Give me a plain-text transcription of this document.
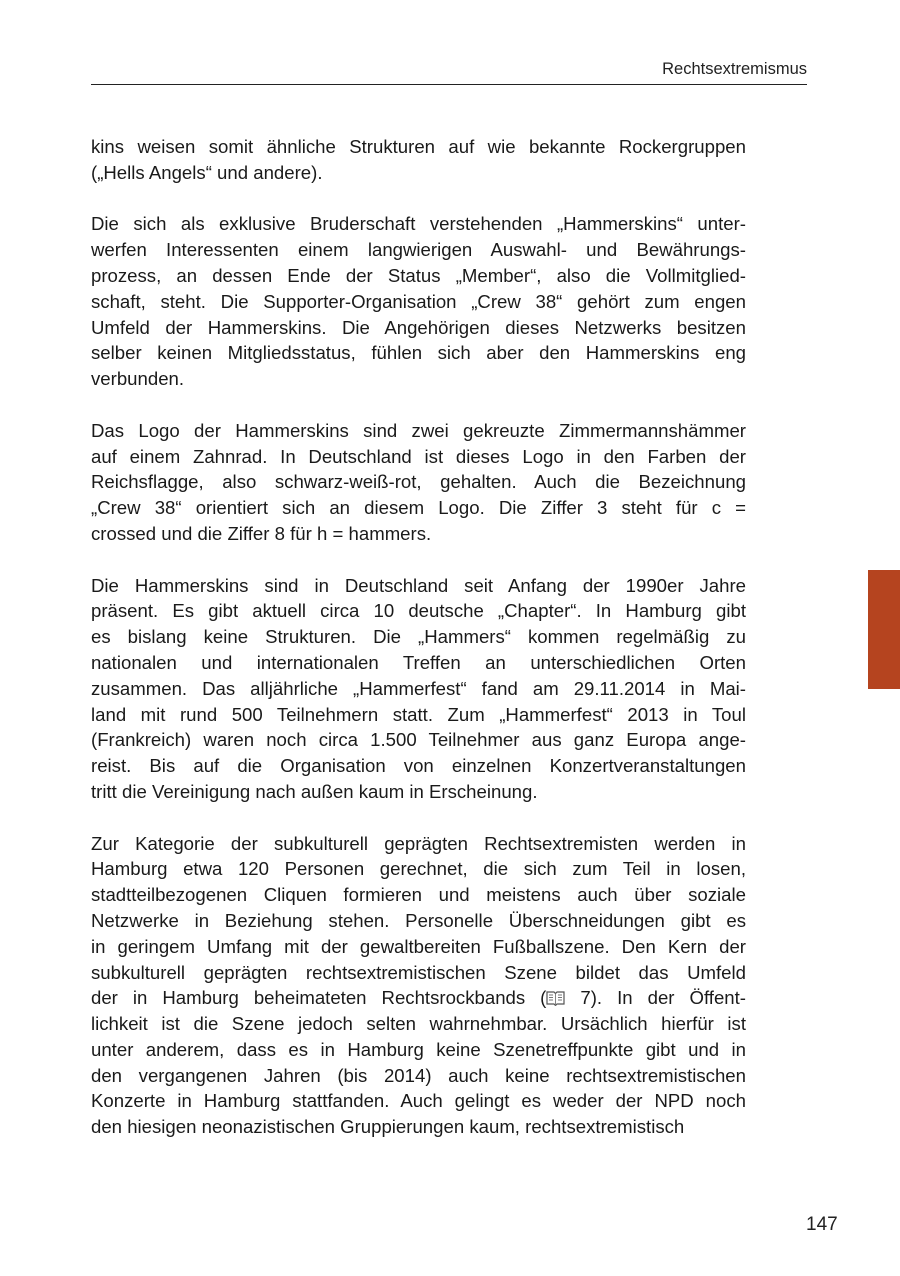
Rechtsextremismus
kins weisen somit ähnliche Strukturen auf wie bekannte Rockergruppen
(„Hells Angels“ und andere).
Die sich als exklusive Bruderschaft verstehenden „Hammerskins“ unter-
werfen Interessenten einem langwierigen Auswahl- und Bewährungs-
prozess, an dessen Ende der Status „Member“, also die Vollmitglied-
schaft, steht. Die Supporter-Organisation „Crew 38“ gehört zum engen
Umfeld der Hammerskins. Die Angehörigen dieses Netzwerks besitzen
selber keinen Mitgliedsstatus, fühlen sich aber den Hammerskins eng
verbunden.
Das Logo der Hammerskins sind zwei gekreuzte Zimmermannshämmer
auf einem Zahnrad. In Deutschland ist dieses Logo in den Farben der
Reichsflagge, also schwarz-weiß-rot, gehalten. Auch die Bezeichnung
„Crew 38“ orientiert sich an diesem Logo. Die Ziffer 3 steht für c =
crossed und die Ziffer 8 für h = hammers.
Die Hammerskins sind in Deutschland seit Anfang der 1990er Jahre
präsent. Es gibt aktuell circa 10 deutsche „Chapter“. In Hamburg gibt
es bislang keine Strukturen. Die „Hammers“ kommen regelmäßig zu
nationalen und internationalen Treffen an unterschiedlichen Orten
zusammen. Das alljährliche „Hammerfest“ fand am 29.11.2014 in Mai-
land mit rund 500 Teilnehmern statt. Zum „Hammerfest“ 2013 in Toul
(Frankreich) waren noch circa 1.500 Teilnehmer aus ganz Europa ange-
reist. Bis auf die Organisation von einzelnen Konzertveranstaltungen
tritt die Vereinigung nach außen kaum in Erscheinung.
Zur Kategorie der subkulturell geprägten Rechtsextremisten werden in
Hamburg etwa 120 Personen gerechnet, die sich zum Teil in losen,
stadtteilbezogenen Cliquen formieren und meistens auch über soziale
Netzwerke in Beziehung stehen. Personelle Überschneidungen gibt es
in geringem Umfang mit der gewaltbereiten Fußballszene. Den Kern der
subkulturell geprägten rechtsextremistischen Szene bildet das Umfeld
der in Hamburg beheimateten Rechtsrockbands ( 7). In der Öffent-
lichkeit ist die Szene jedoch selten wahrnehmbar. Ursächlich hierfür ist
unter anderem, dass es in Hamburg keine Szenetreffpunkte gibt und in
den vergangenen Jahren (bis 2014) auch keine rechtsextremistischen
Konzerte in Hamburg stattfanden. Auch gelingt es weder der NPD noch
den hiesigen neonazistischen Gruppierungen kaum, rechtsextremistisch
147
